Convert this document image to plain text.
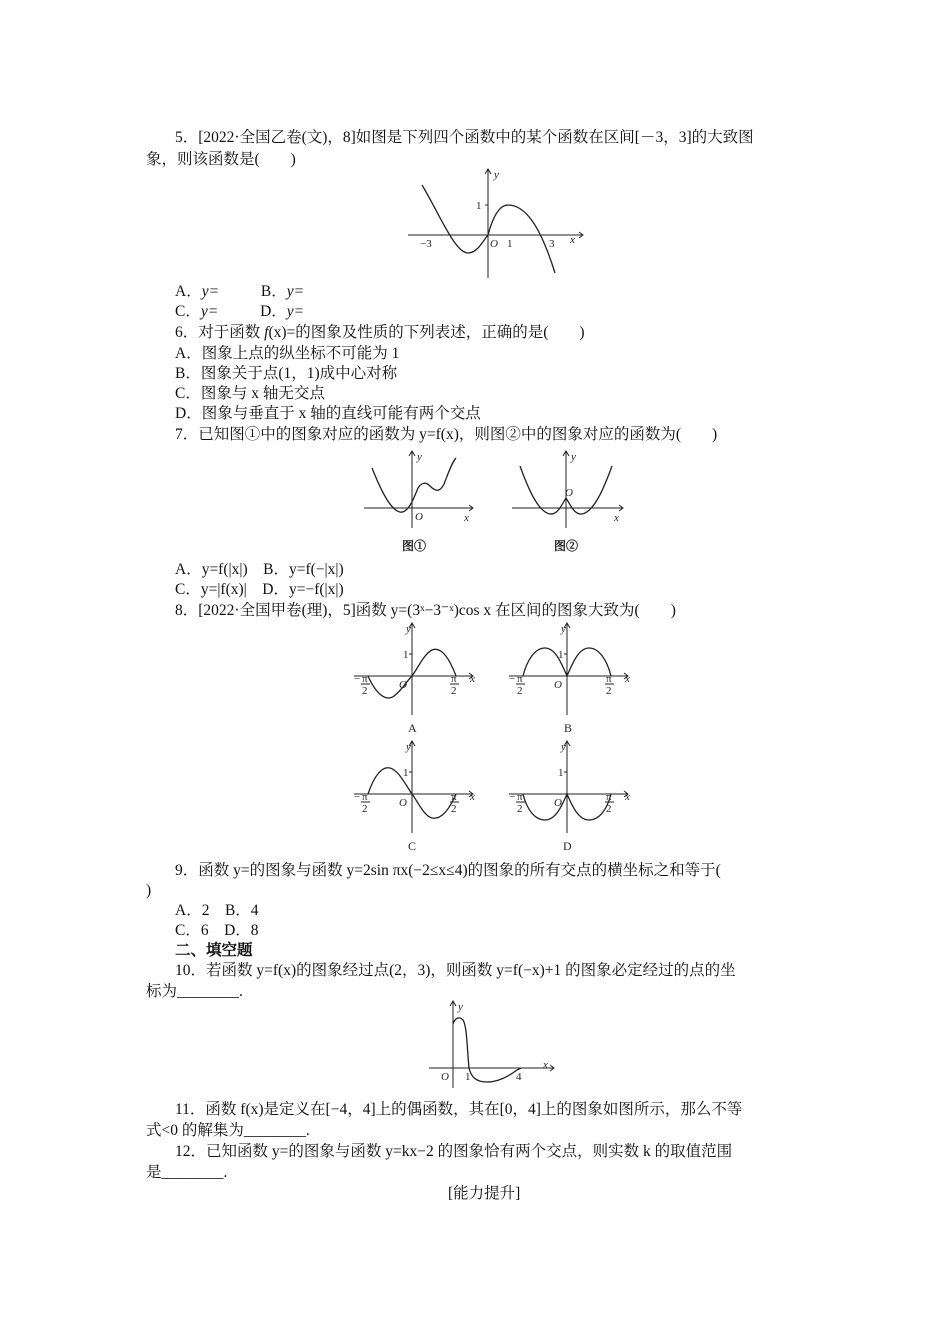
5．[2022·全国乙卷(文)，8]如图是下列四个函数中的某个函数在区间[－3，3]的大致图
象，则该函数是(　　)
y
x
1
O
−3	1	3
A．y=	B．y=
C．y=	D．y=
6．对于函数 f(x)=的图象及性质的下列表述，正确的是(　　)
A．图象上点的纵坐标不可能为 1
B．图象关于点(1，1)成中心对称
C．图象与 x 轴无交点
D．图象与垂直于 x 轴的直线可能有两个交点
7．已知图①中的图象对应的函数为 y=f(x)，则图②中的图象对应的函数为(　　)
y
x
O
图①
y
x
O
图②
A．y=f(|x|)　B．y=f(−|x|)
C．y=|f(x)|　D．y=−f(|x|)
8．[2022·全国甲卷(理)，5]函数 y=(3ˣ−3⁻ˣ)cos x 在区间的图象大致为(　　)
y
x
1
O
− π
2
π
2
A
y
x
1
O
− π
2
π
2
B
y
x
1
O
− π
2
π
2
C
y
x
1
O
− π
2
π
2
D
9．函数 y=的图象与函数 y=2sin πx(−2≤x≤4)的图象的所有交点的横坐标之和等于(
)
A．2　B．4
C．6　D．8
二、填空题
10．若函数 y=f(x)的图象经过点(2，3)，则函数 y=f(−x)+1 的图象必定经过的点的坐
标为________.
y
x
O 1	4
11．函数 f(x)是定义在[−4，4]上的偶函数，其在[0，4]上的图象如图所示，那么不等
式<0 的解集为________.
12．已知函数 y=的图象与函数 y=kx−2 的图象恰有两个交点，则实数 k 的取值范围
是________.
[能力提升]
